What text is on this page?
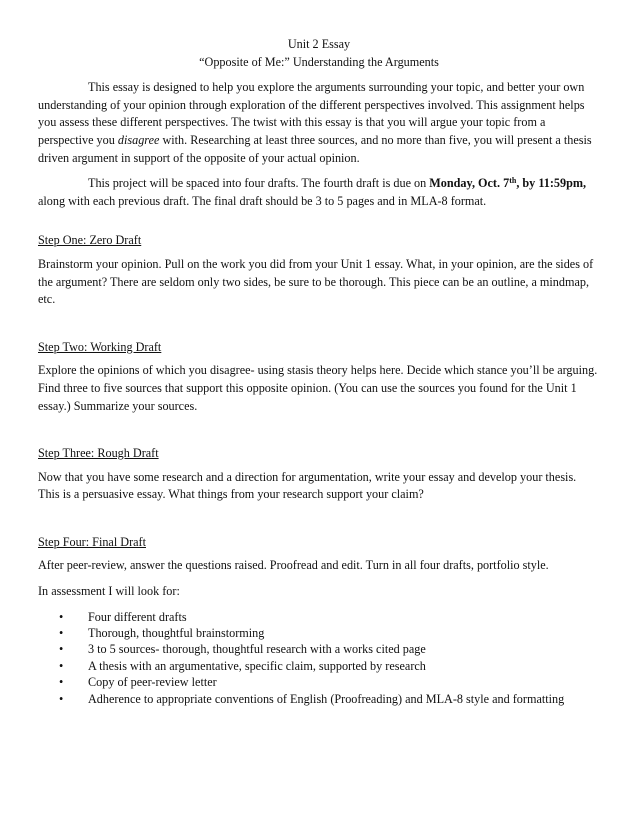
Unit 2 Essay

“Opposite of Me:” Understanding the Arguments

This essay is designed to help you explore the arguments surrounding your topic, and better your own understanding of your opinion through exploration of the different perspectives involved. This assignment helps you assess these different perspectives. The twist with this essay is that you will argue your topic from a perspective you disagree with. Researching at least three sources, and no more than five, you will present a thesis driven argument in support of the opposite of your actual opinion.

This project will be spaced into four drafts. The fourth draft is due on Monday, Oct. 7th, by 11:59pm, along with each previous draft. The final draft should be 3 to 5 pages and in MLA-8 format.

Step One: Zero Draft

Brainstorm your opinion. Pull on the work you did from your Unit 1 essay. What, in your opinion, are the sides of the argument? There are seldom only two sides, be sure to be thorough. This piece can be an outline, a mindmap, etc.

Step Two: Working Draft

Explore the opinions of which you disagree- using stasis theory helps here. Decide which stance you’ll be arguing. Find three to five sources that support this opposite opinion. (You can use the sources you found for the Unit 1 essay.) Summarize your sources.

Step Three: Rough Draft

Now that you have some research and a direction for argumentation, write your essay and develop your thesis. This is a persuasive essay. What things from your research support your claim?

Step Four: Final Draft

After peer-review, answer the questions raised. Proofread and edit. Turn in all four drafts, portfolio style.

In assessment I will look for:

• Four different drafts
• Thorough, thoughtful brainstorming
• 3 to 5 sources- thorough, thoughtful research with a works cited page
• A thesis with an argumentative, specific claim, supported by research
• Copy of peer-review letter
• Adherence to appropriate conventions of English (Proofreading) and MLA-8 style and formatting
